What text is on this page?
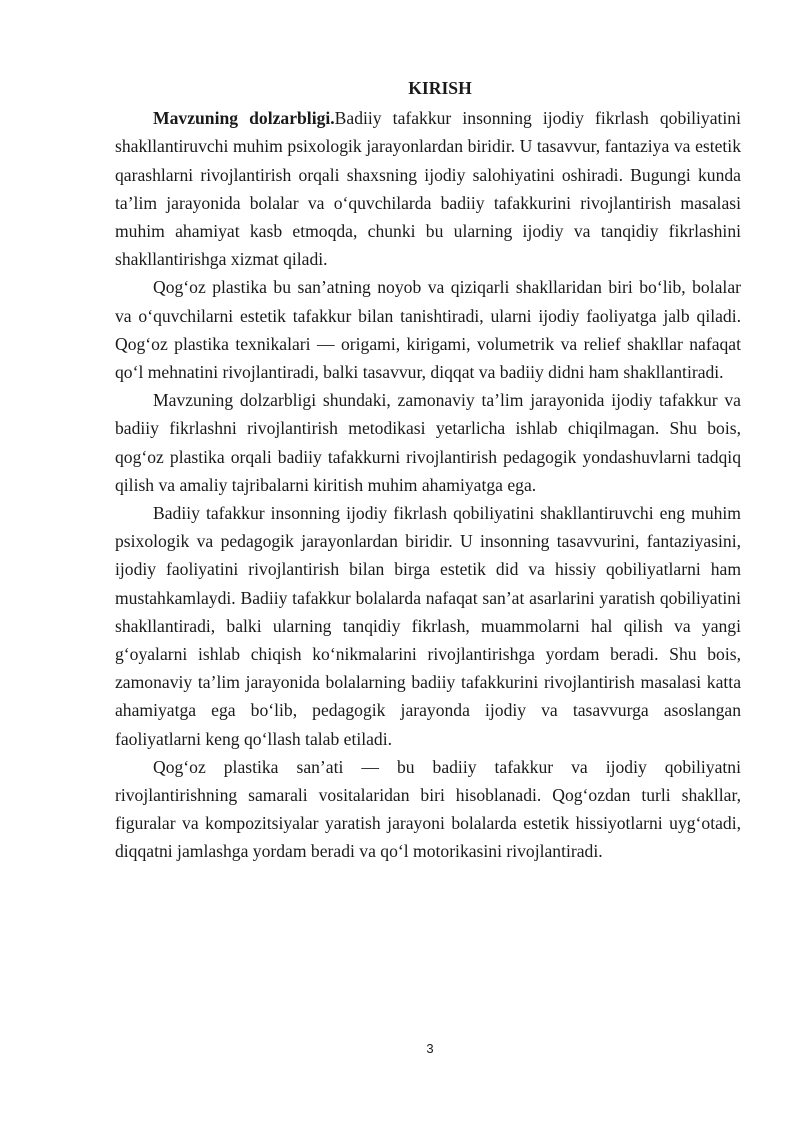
KIRISH

Mavzuning dolzarbligi.Badiiy tafakkur insonning ijodiy fikrlash qobiliyatini shakllantiruvchi muhim psixologik jarayonlardan biridir. U tasavvur, fantaziya va estetik qarashlarni rivojlantirish orqali shaxsning ijodiy salohiyatini oshiradi. Bugungi kunda ta’lim jarayonida bolalar va o‘quvchilarda badiiy tafakkurini rivojlantirish masalasi muhim ahamiyat kasb etmoqda, chunki bu ularning ijodiy va tanqidiy fikrlashini shakllantirishga xizmat qiladi.

Qog‘oz plastika bu san’atning noyob va qiziqarli shakllaridan biri bo‘lib, bolalar va o‘quvchilarni estetik tafakkur bilan tanishtiradi, ularni ijodiy faoliyatga jalb qiladi. Qog‘oz plastika texnikalari — origami, kirigami, volumetrik va relief shakllar nafaqat qo‘l mehnatini rivojlantiradi, balki tasavvur, diqqat va badiiy didni ham shakllantiradi.

Mavzuning dolzarbligi shundaki, zamonaviy ta’lim jarayonida ijodiy tafakkur va badiiy fikrlashni rivojlantirish metodikasi yetarlicha ishlab chiqilmagan. Shu bois, qog‘oz plastika orqali badiiy tafakkurni rivojlantirish pedagogik yondashuvlarni tadqiq qilish va amaliy tajribalarni kiritish muhim ahamiyatga ega.

Badiiy tafakkur insonning ijodiy fikrlash qobiliyatini shakllantiruvchi eng muhim psixologik va pedagogik jarayonlardan biridir. U insonning tasavvurini, fantaziyasini, ijodiy faoliyatini rivojlantirish bilan birga estetik did va hissiy qobiliyatlarni ham mustahkamlaydi. Badiiy tafakkur bolalarda nafaqat san’at asarlarini yaratish qobiliyatini shakllantiradi, balki ularning tanqidiy fikrlash, muammolarni hal qilish va yangi g‘oyalarni ishlab chiqish ko‘nikmalarini rivojlantirishga yordam beradi. Shu bois, zamonaviy ta’lim jarayonida bolalarning badiiy tafakkurini rivojlantirish masalasi katta ahamiyatga ega bo‘lib, pedagogik jarayonda ijodiy va tasavvurga asoslangan faoliyatlarni keng qo‘llash talab etiladi.

Qog‘oz plastika san’ati — bu badiiy tafakkur va ijodiy qobiliyatni rivojlantirishning samarali vositalaridan biri hisoblanadi. Qog‘ozdan turli shakllar, figuralar va kompozitsiyalar yaratish jarayoni bolalarda estetik hissiyotlarni uyg‘otadi, diqqatni jamlashga yordam beradi va qo‘l motorikasini rivojlantiradi.

3
